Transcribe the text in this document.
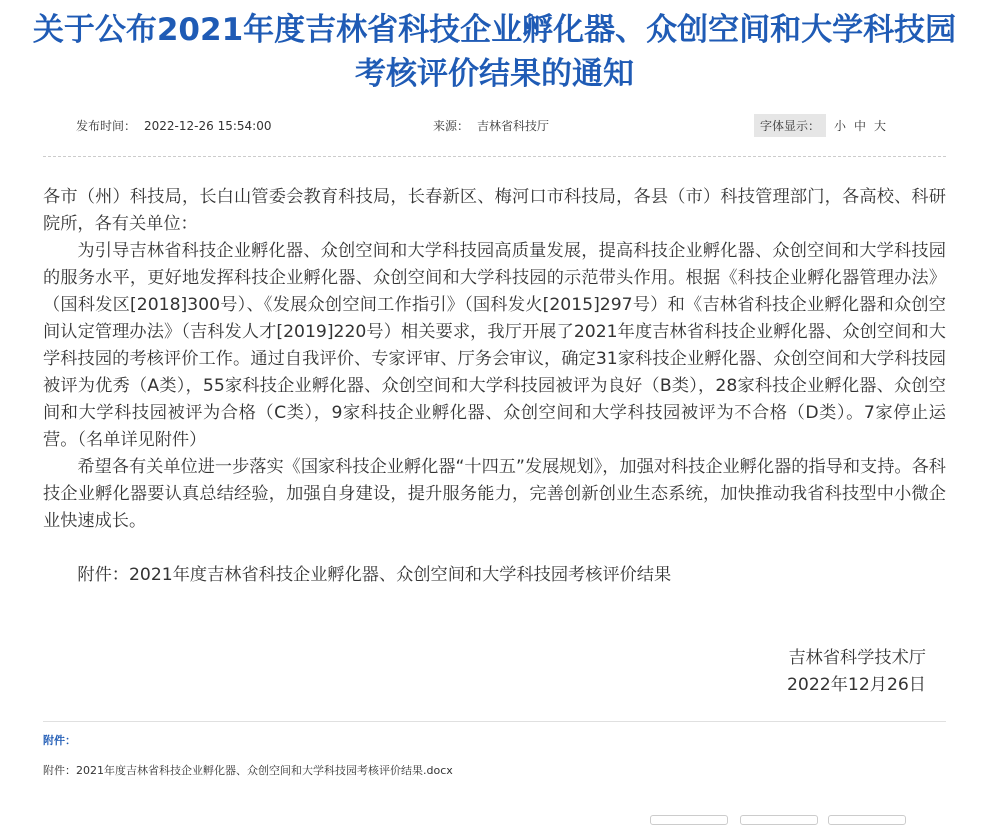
关于公布2021年度吉林省科技企业孵化器、众创空间和大学科技园
考核评价结果的通知
发布时间： 2022-12-26 15:54:00	来源： 吉林省科技厅	字体显示：	小 中 大

各市（州）科技局，长白山管委会教育科技局，长春新区、梅河口市科技局，各县（市）科技管理部门，各高校、科研院所，各有关单位：

为引导吉林省科技企业孵化器、众创空间和大学科技园高质量发展，提高科技企业孵化器、众创空间和大学科技园的服务水平，更好地发挥科技企业孵化器、众创空间和大学科技园的示范带头作用。根据《科技企业孵化器管理办法》（国科发区[2018]300号）、《发展众创空间工作指引》（国科发火[2015]297号）和《吉林省科技企业孵化器和众创空间认定管理办法》（吉科发人才[2019]220号）相关要求，我厅开展了2021年度吉林省科技企业孵化器、众创空间和大学科技园的考核评价工作。通过自我评价、专家评审、厅务会审议，确定31家科技企业孵化器、众创空间和大学科技园被评为优秀（A类），55家科技企业孵化器、众创空间和大学科技园被评为良好（B类），28家科技企业孵化器、众创空间和大学科技园被评为合格（C类），9家科技企业孵化器、众创空间和大学科技园被评为不合格（D类）。7家停止运营。（名单详见附件）

希望各有关单位进一步落实《国家科技企业孵化器“十四五”发展规划》，加强对科技企业孵化器的指导和支持。各科技企业孵化器要认真总结经验，加强自身建设，提升服务能力，完善创新创业生态系统，加快推动我省科技型中小微企业快速成长。

附件：2021年度吉林省科技企业孵化器、众创空间和大学科技园考核评价结果

吉林省科学技术厅
2022年12月26日
附件：
附件：2021年度吉林省科技企业孵化器、众创空间和大学科技园考核评价结果.docx
